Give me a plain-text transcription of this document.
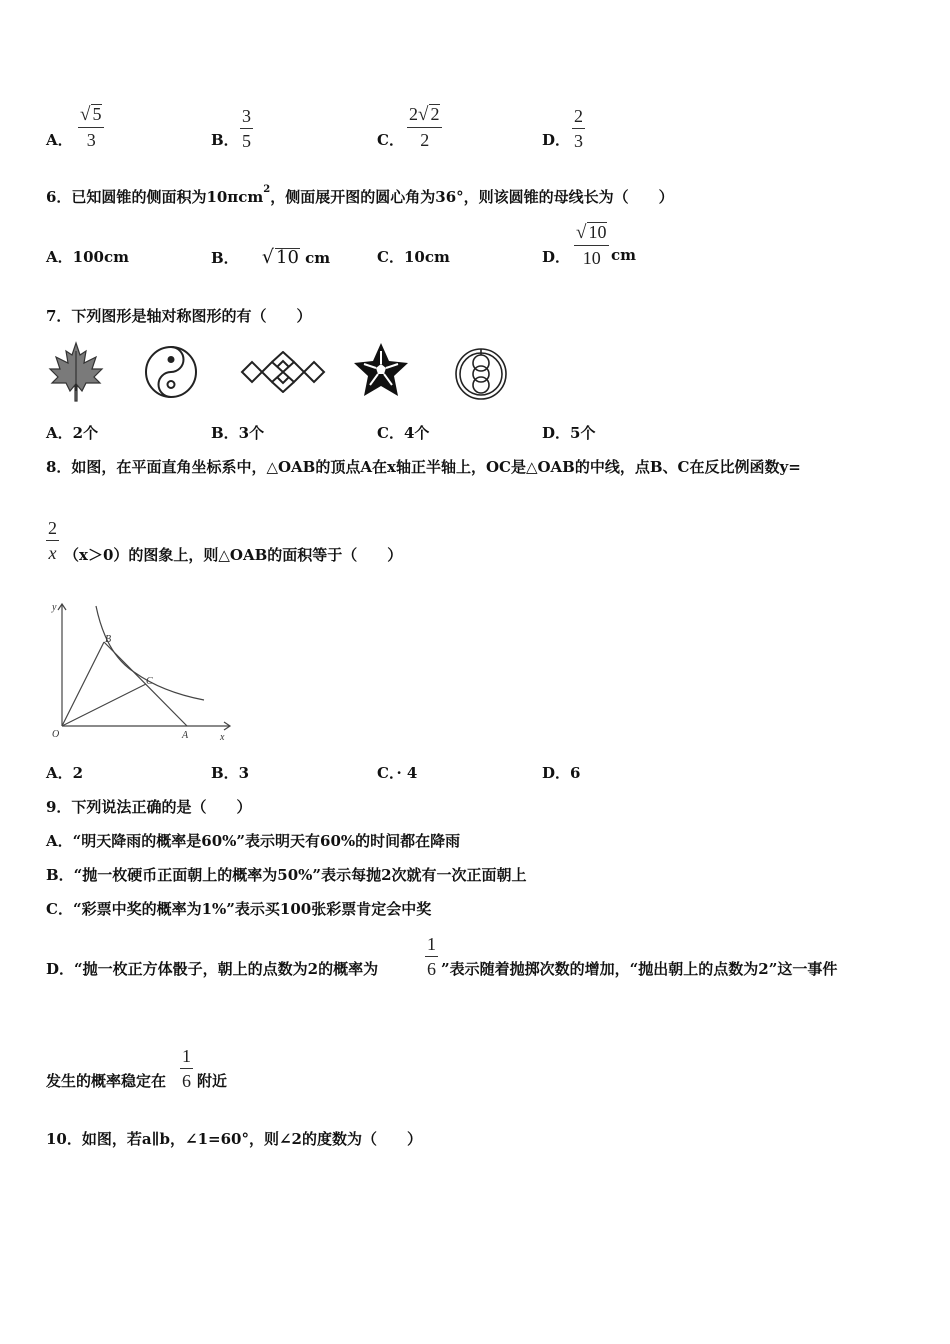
A． $\frac{√ 5}{3}$	B． $\frac{3}{5}$	C． $\frac{2√ 2}{2}$	D． $\frac{2}{3}$
6．已知圆锥的侧面积为10πcm$^2$，侧面展开图的圆心角为36°，则该圆锥的母线长为（　　）
A．100cm	B． √ 10 cm	C．10cm	D． $\frac{√ 10}{10}$ cm
7．下列图形是轴对称图形的有（　　）
A．2个	B．3个	C．4个	D．5个
8．如图，在平面直角坐标系中，△OAB的顶点A在x轴正半轴上，OC是△OAB的中线，点B、C在反比例函数y=
$\frac{2}{x} (x>0)$的图象上，则△OAB的面积等于（　　）
y
x
O	A
B
C
A．2	B．3	C．· 4	D．6
9．下列说法正确的是（　　）
A．“明天降雨的概率是60%”表示明天有60%的时间都在降雨
B．“抛一枚硬币正面朝上的概率为50%”表示每抛2次就有一次正面朝上
C．“彩票中奖的概率为1%”表示买100张彩票肯定会中奖
D．“抛一枚正方体骰子，朝上的点数为2的概率为	$\frac{1}{6}$ ”表示随着抛掷次数的增加，“抛出朝上的点数为2”这一事件
发生的概率稳定在 $\frac{1}{6}$ 附近
10．如图，若a∥b，∠1=60°，则∠2的度数为（　　）
